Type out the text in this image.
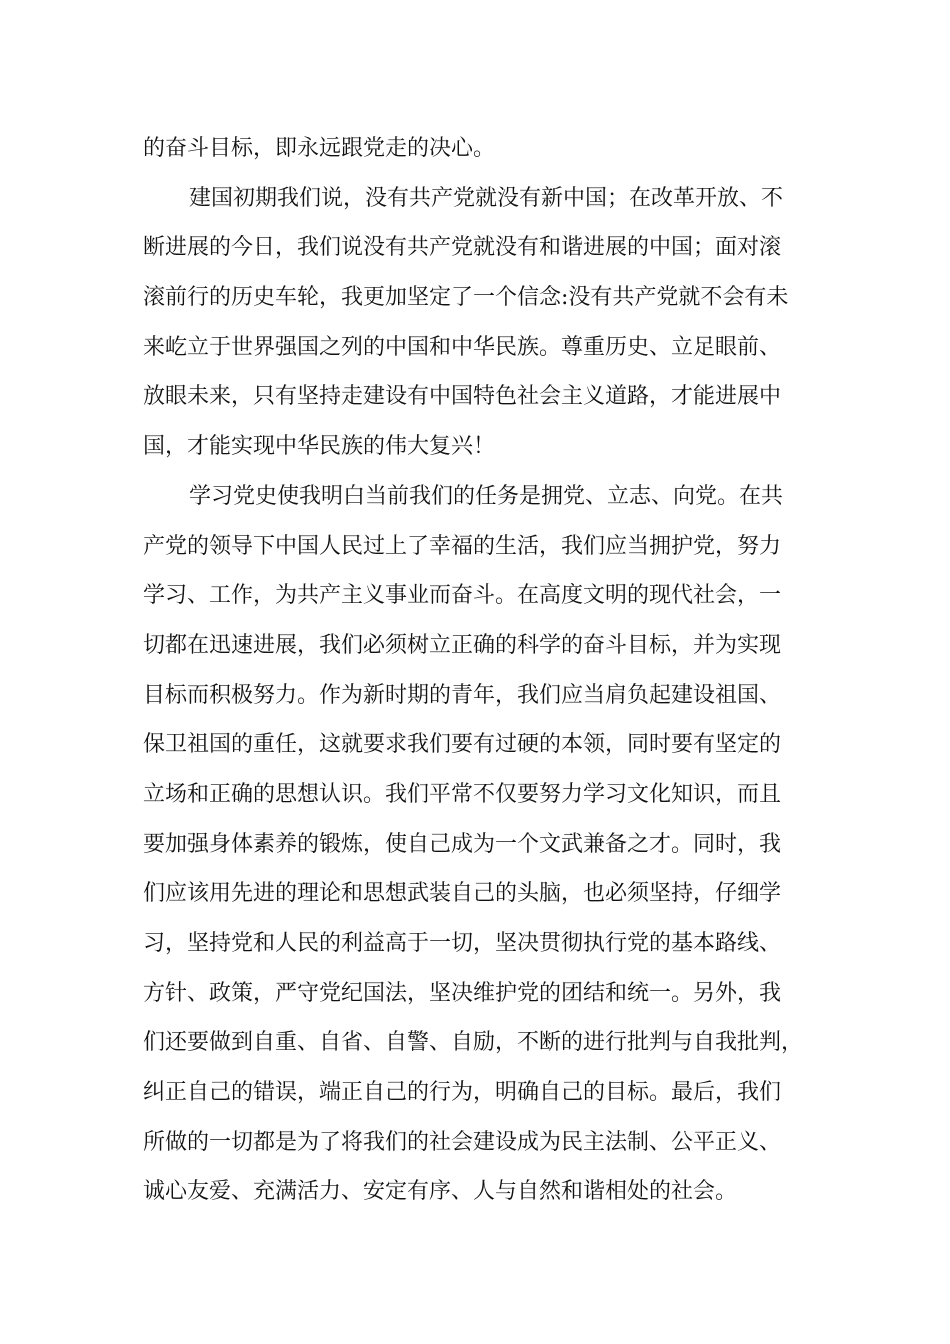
的奋斗目标，即永远跟党走的决心。
建国初期我们说，没有共产党就没有新中国；在改革开放、不
断进展的今日，我们说没有共产党就没有和谐进展的中国；面对滚
滚前行的历史车轮，我更加坚定了一个信念:没有共产党就不会有未
来屹立于世界强国之列的中国和中华民族。尊重历史、立足眼前、
放眼未来，只有坚持走建设有中国特色社会主义道路，才能进展中
国，才能实现中华民族的伟大复兴！
学习党史使我明白当前我们的任务是拥党、立志、向党。在共
产党的领导下中国人民过上了幸福的生活，我们应当拥护党，努力
学习、工作，为共产主义事业而奋斗。在高度文明的现代社会，一
切都在迅速进展，我们必须树立正确的科学的奋斗目标，并为实现
目标而积极努力。作为新时期的青年，我们应当肩负起建设祖国、
保卫祖国的重任，这就要求我们要有过硬的本领，同时要有坚定的
立场和正确的思想认识。我们平常不仅要努力学习文化知识，而且
要加强身体素养的锻炼，使自己成为一个文武兼备之才。同时，我
们应该用先进的理论和思想武装自己的头脑，也必须坚持，仔细学
习，坚持党和人民的利益高于一切，坚决贯彻执行党的基本路线、
方针、政策，严守党纪国法，坚决维护党的团结和统一。另外，我
们还要做到自重、自省、自警、自励，不断的进行批判与自我批判，
纠正自己的错误，端正自己的行为，明确自己的目标。最后，我们
所做的一切都是为了将我们的社会建设成为民主法制、公平正义、
诚心友爱、充满活力、安定有序、人与自然和谐相处的社会。
